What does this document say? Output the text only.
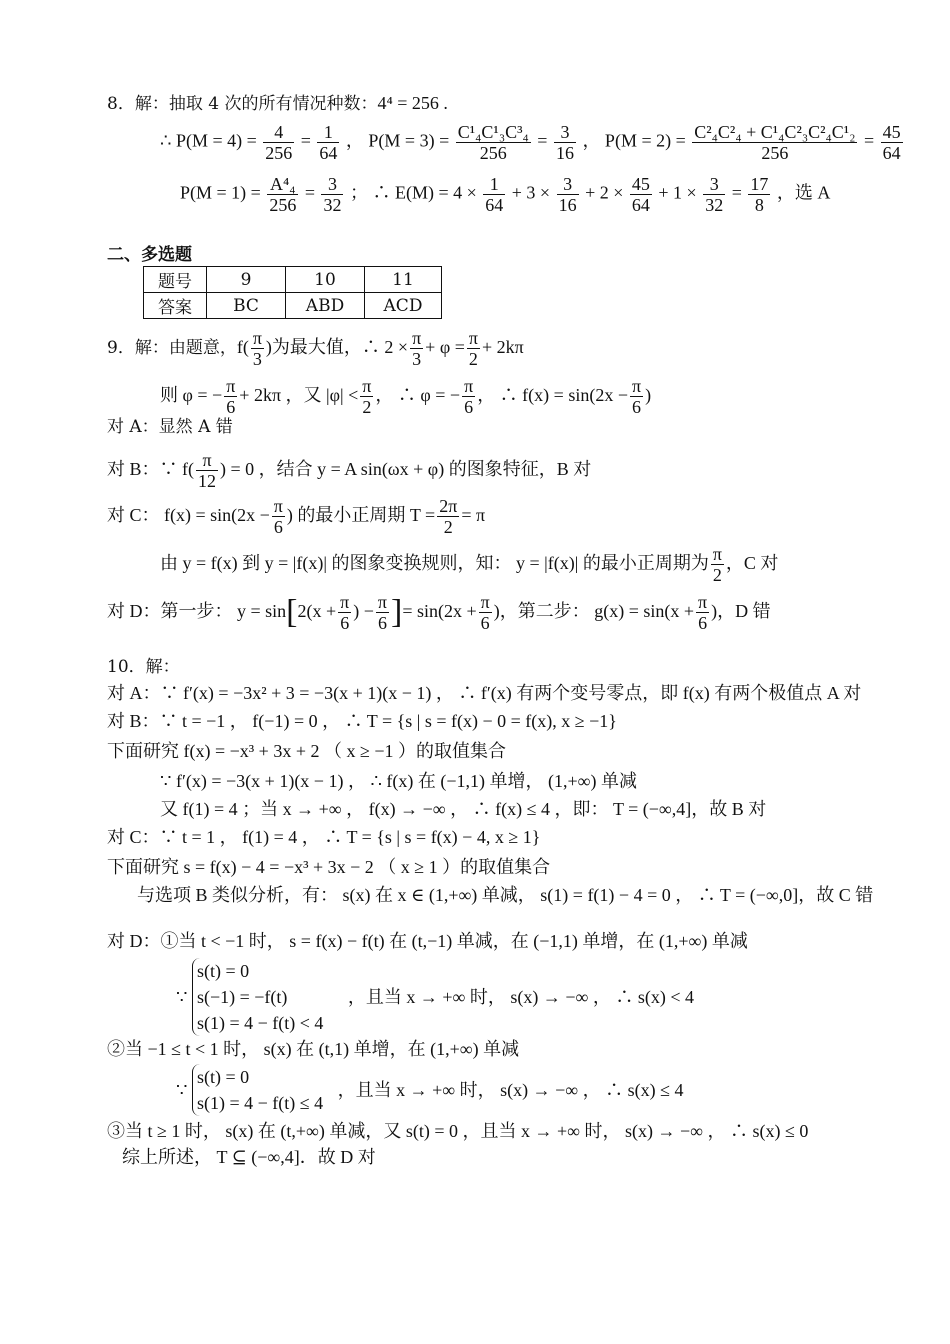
8．解：抽取 4 次的所有情况种数：4⁴ = 256 .
∴ $P(M = 4) = \frac{4}{256} = \frac{1}{64}$ ， $P(M = 3) = \frac{\text{C¹₄C¹₃C³₄}}{256} = \frac{3}{16}$ ， $P(M = 2) = \frac{\text{C²₄C²₄ + C¹₄C²₃C²₄C¹₂}}{256} = \frac{45}{64}$
$P(M = 1) = \frac{\text{A⁴₄}}{256} = \frac{3}{32}$ ； ∴ $E(M) = 4 \times \frac{1}{64} + 3 \times \frac{3}{16} + 2 \times \frac{45}{64} + 1 \times \frac{3}{32} = \frac{17}{8}$ ，选 A
二、多选题
题号	9	10	11
答案	BC	ABD	ACD
9．解：由题意，$f( \frac{\pi}{3}$ )为最大值，∴ $2 \times \frac{\pi}{3} + \varphi = \frac{\pi}{2} + 2k\pi$
则 φ = − $\frac{\pi}{6} + 2k\pi$ ，又 $|\varphi| < \frac{\pi}{2}$ ， ∴ φ = − $\frac{\pi}{6}$ ， ∴ $f(x) = \sin(2x - \frac{\pi}{6}$ )
对 A：显然 A 错
对 B：∵ $f( \frac{\pi}{12}$ ) = 0 ，结合 y = A sin(ωx + φ) 的图象特征，B 对
对 C： $f(x) = \sin(2x - \frac{\pi}{6}$ ) 的最小正周期 $T = \frac{2\pi}{2} = \pi$
由 y = f(x) 到 y = |f(x)| 的图象变换规则，知： y = |f(x)| 的最小正周期为 $\frac{\pi}{2}$ ，C 对
对 D：第一步： $y = \sin[2(x + \frac{\pi}{6}$ ) − $\frac{\pi}{6}$ ]= $\sin(2x + \frac{\pi}{6}$ )，第二步： $g(x) = \sin(x + \frac{\pi}{6}$ )，D 错
10．解：
对 A：∵ f′(x) = −3x² + 3 = −3(x + 1)(x − 1) ， ∴ f′(x) 有两个变号零点，即 f(x) 有两个极值点 A 对
对 B：∵ t = −1 ， f(−1) = 0 ， ∴ T = {s | s = f(x) − 0 = f(x), x ≥ −1}
下面研究 f(x) = −x³ + 3x + 2 （ x ≥ −1 ）的取值集合
∵ f′(x) = −3(x + 1)(x − 1) ， ∴ f(x) 在 (−1,1) 单增， (1,+∞) 单减
又 f(1) = 4 ；当 x → +∞ ， f(x) → −∞ ， ∴ f(x) ≤ 4 ，即： T = (−∞,4]，故 B 对
对 C：∵ t = 1 ， f(1) = 4 ， ∴ T = {s | s = f(x) − 4, x ≥ 1}
下面研究 s = f(x) − 4 = −x³ + 3x − 2 （ x ≥ 1 ）的取值集合
与选项 B 类似分析，有： s(x) 在 x ∈ (1,+∞) 单减， s(1) = f(1) − 4 = 0 ， ∴ T = (−∞,0]，故 C 错
对 D：①当 t < −1 时， s = f(x) − f(t) 在 (t,−1) 单减，在 (−1,1) 单增，在 (1,+∞) 单减
∵
s(t) = 0
s(−1) = −f(t)
s(1) = 4 − f(t) < 4
，且当 x → +∞ 时， s(x) → −∞ ， ∴ s(x) < 4
②当 −1 ≤ t < 1 时， s(x) 在 (t,1) 单增，在 (1,+∞) 单减
∵
s(t) = 0
s(1) = 4 − f(t) ≤ 4
，且当 x → +∞ 时， s(x) → −∞ ， ∴ s(x) ≤ 4
③当 t ≥ 1 时， s(x) 在 (t,+∞) 单减，又 s(t) = 0 ，且当 x → +∞ 时， s(x) → −∞ ， ∴ s(x) ≤ 0
综上所述， T ⊆ (−∞,4]．故 D 对
